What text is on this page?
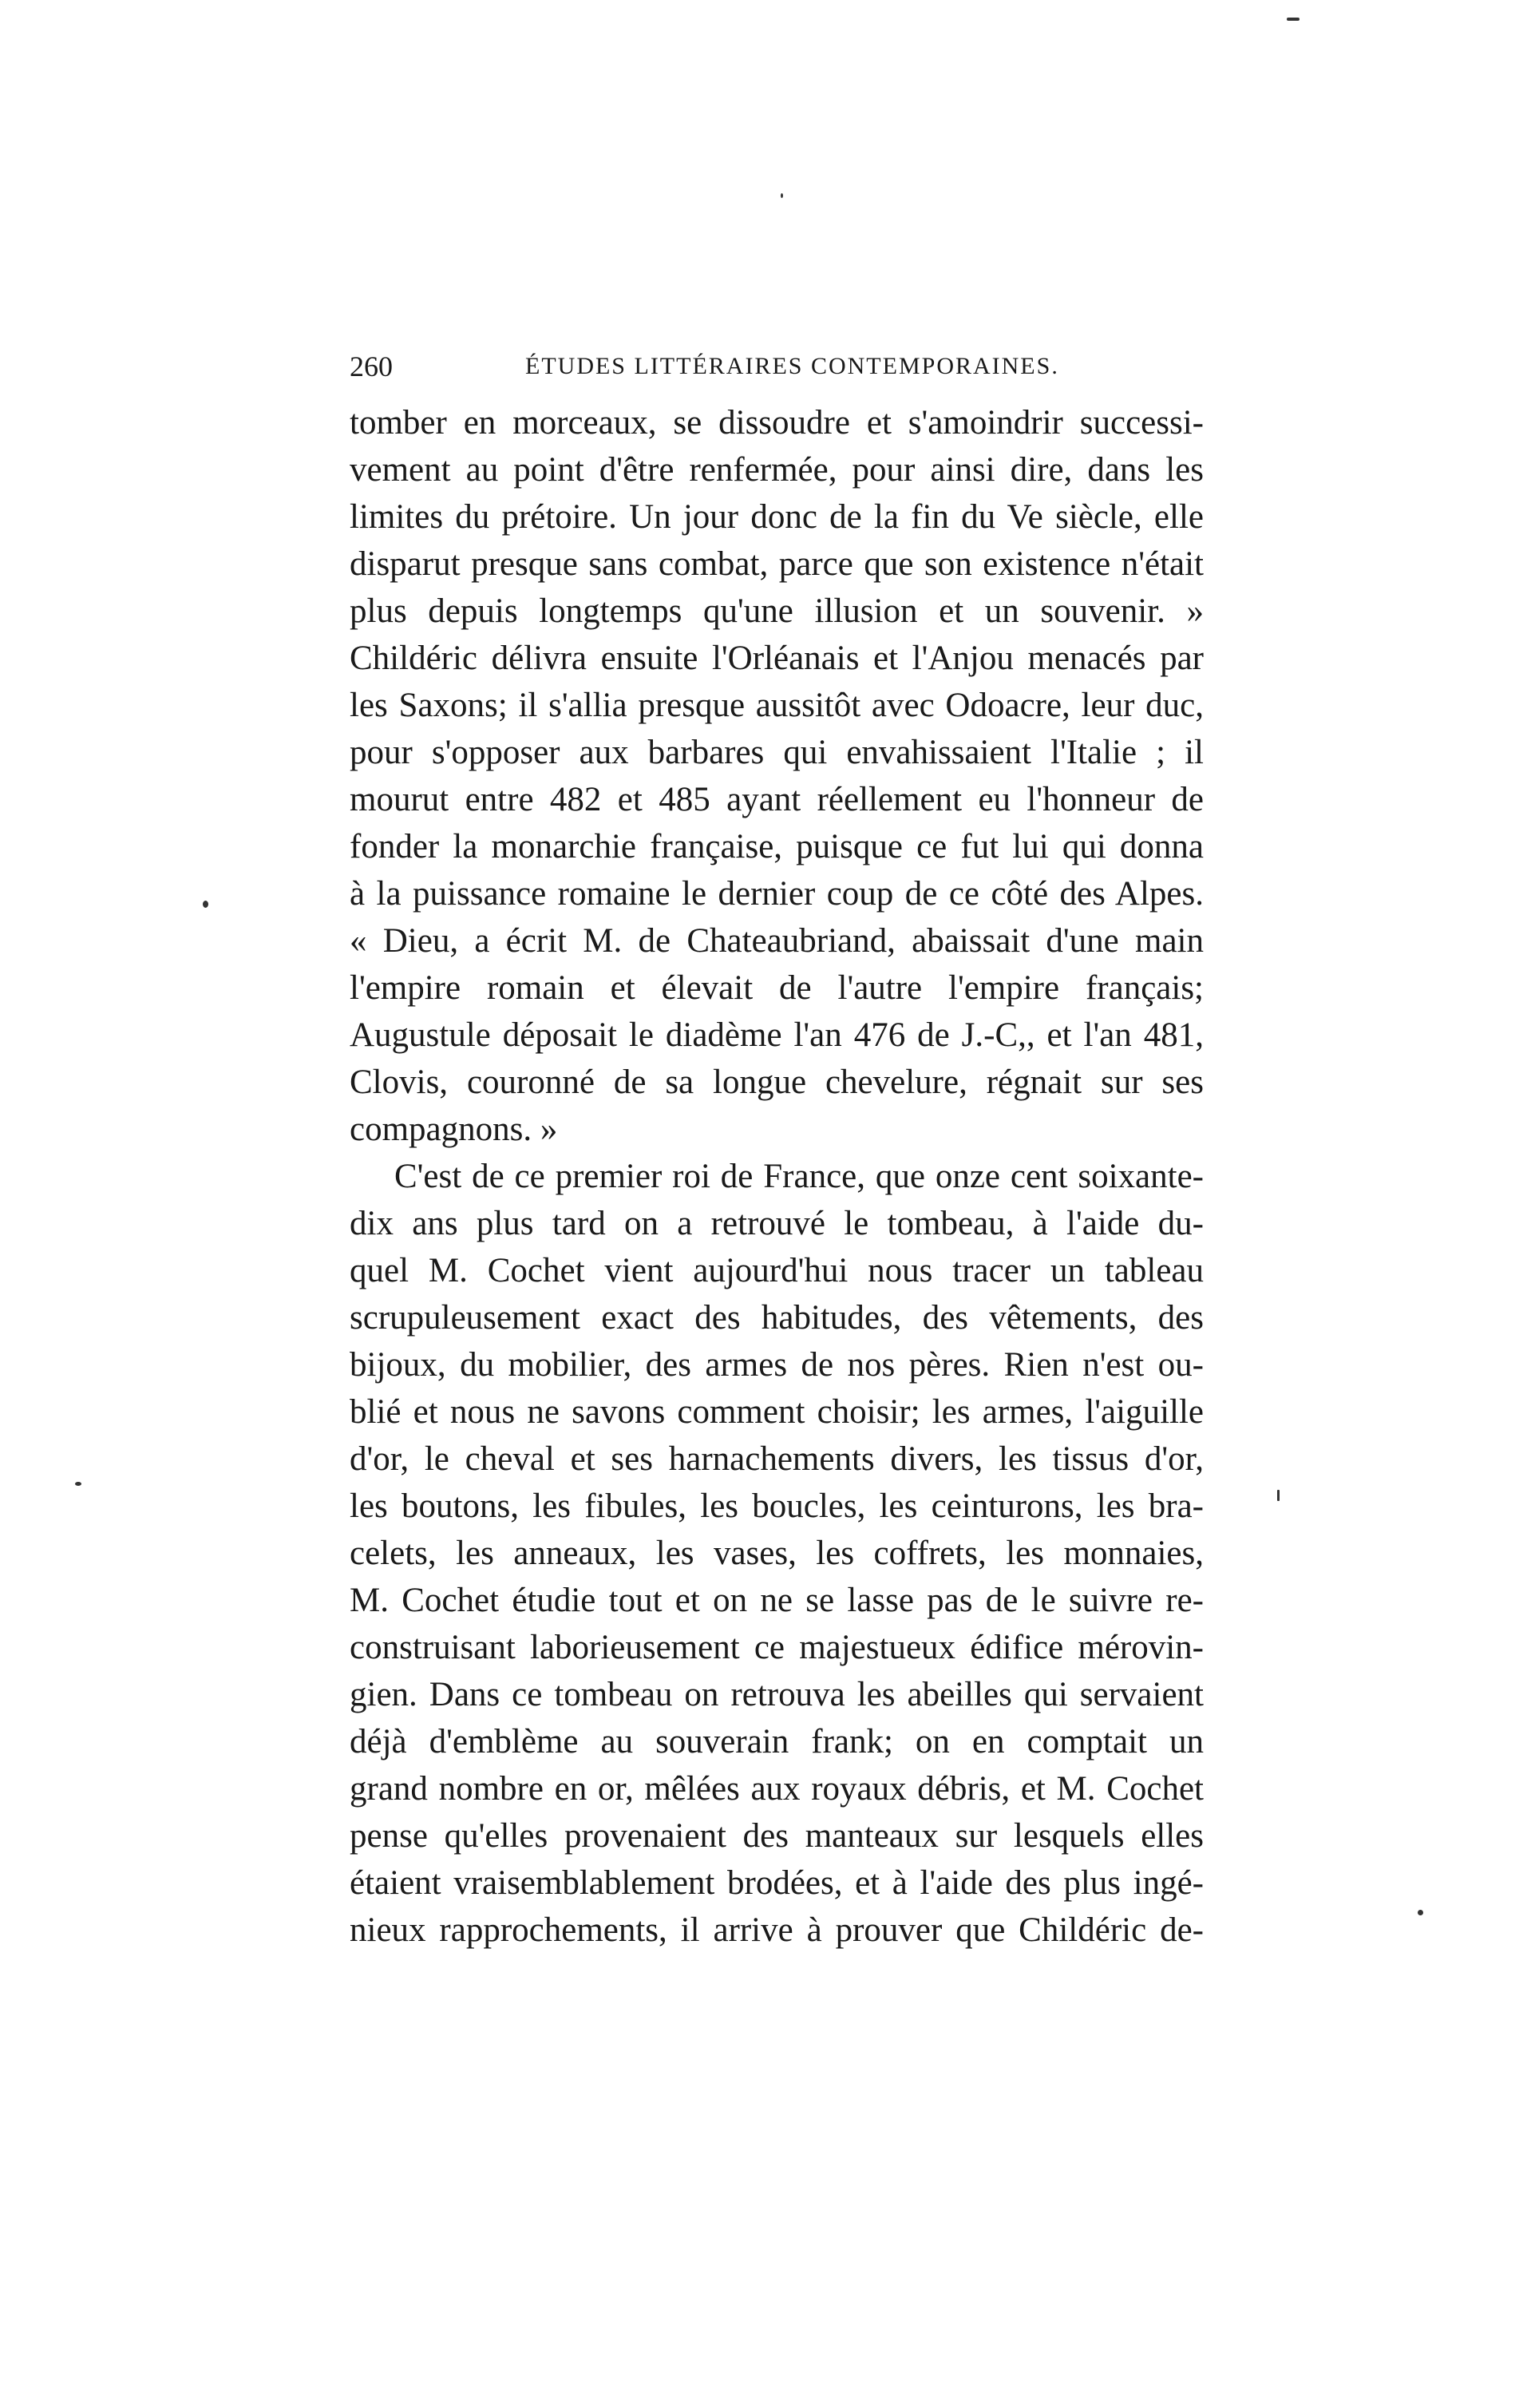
260	ÉTUDES LITTÉRAIRES CONTEMPORAINES.
tomber en morceaux, se dissoudre et s'amoindrir successi-
vement au point d'être renfermée, pour ainsi dire, dans les
limites du prétoire. Un jour donc de la fin du Ve siècle, elle
disparut presque sans combat, parce que son existence n'était
plus depuis longtemps qu'une illusion et un souvenir. »
Childéric délivra ensuite l'Orléanais et l'Anjou menacés par
les Saxons; il s'allia presque aussitôt avec Odoacre, leur duc,
pour s'opposer aux barbares qui envahissaient l'Italie ; il
mourut entre 482 et 485 ayant réellement eu l'honneur de
fonder la monarchie française, puisque ce fut lui qui donna
à la puissance romaine le dernier coup de ce côté des Alpes.
« Dieu, a écrit M. de Chateaubriand, abaissait d'une main
l'empire romain et élevait de l'autre l'empire français;
Augustule déposait le diadème l'an 476 de J.-C,, et l'an 481,
Clovis, couronné de sa longue chevelure, régnait sur ses
compagnons. »
C'est de ce premier roi de France, que onze cent soixante-
dix ans plus tard on a retrouvé le tombeau, à l'aide du-
quel M. Cochet vient aujourd'hui nous tracer un tableau
scrupuleusement exact des habitudes, des vêtements, des
bijoux, du mobilier, des armes de nos pères. Rien n'est ou-
blié et nous ne savons comment choisir; les armes, l'aiguille
d'or, le cheval et ses harnachements divers, les tissus d'or,
les boutons, les fibules, les boucles, les ceinturons, les bra-
celets, les anneaux, les vases, les coffrets, les monnaies,
M. Cochet étudie tout et on ne se lasse pas de le suivre re-
construisant laborieusement ce majestueux édifice mérovin-
gien. Dans ce tombeau on retrouva les abeilles qui servaient
déjà d'emblème au souverain frank; on en comptait un
grand nombre en or, mêlées aux royaux débris, et M. Cochet
pense qu'elles provenaient des manteaux sur lesquels elles
étaient vraisemblablement brodées, et à l'aide des plus ingé-
nieux rapprochements, il arrive à prouver que Childéric de-
